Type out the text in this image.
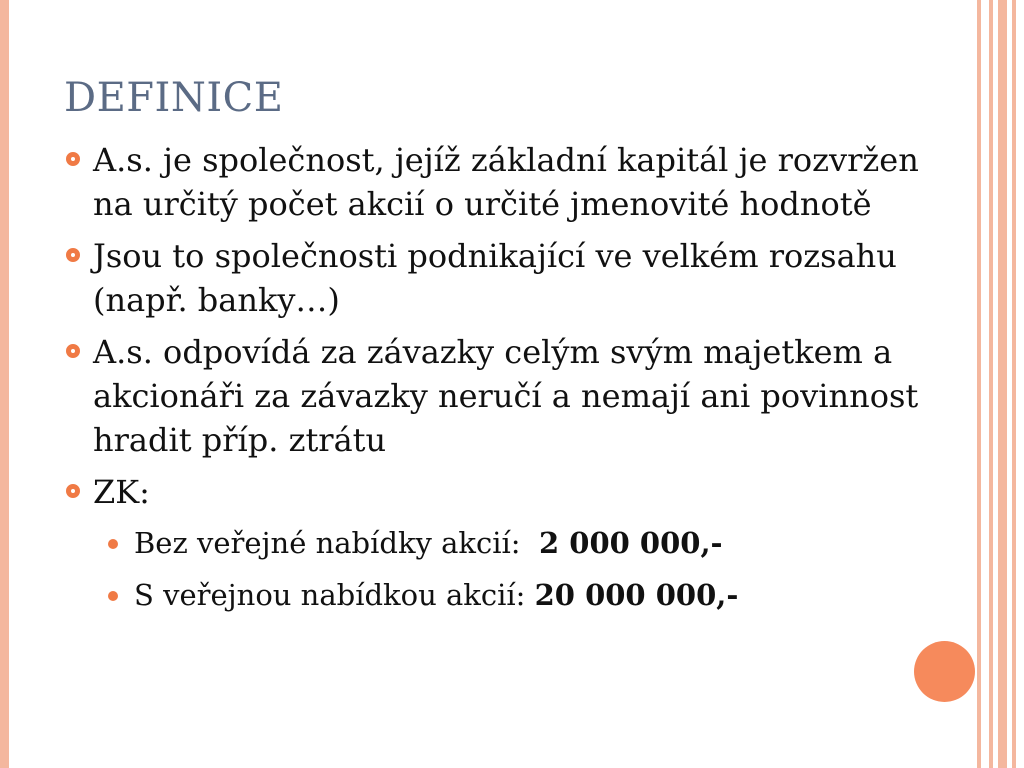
DEFINICE
A.s. je společnost, jejíž základní kapitál je rozvržen na určitý počet akcií o určité jmenovité hodnotě
Jsou to společnosti podnikající ve velkém rozsahu (např. banky…)
A.s. odpovídá za závazky celým svým majetkem a akcionáři za závazky neručí a nemají ani povinnost hradit příp. ztrátu
ZK:
Bez veřejné nabídky akcií:  2 000 000,-
S veřejnou nabídkou akcií: 20 000 000,-
